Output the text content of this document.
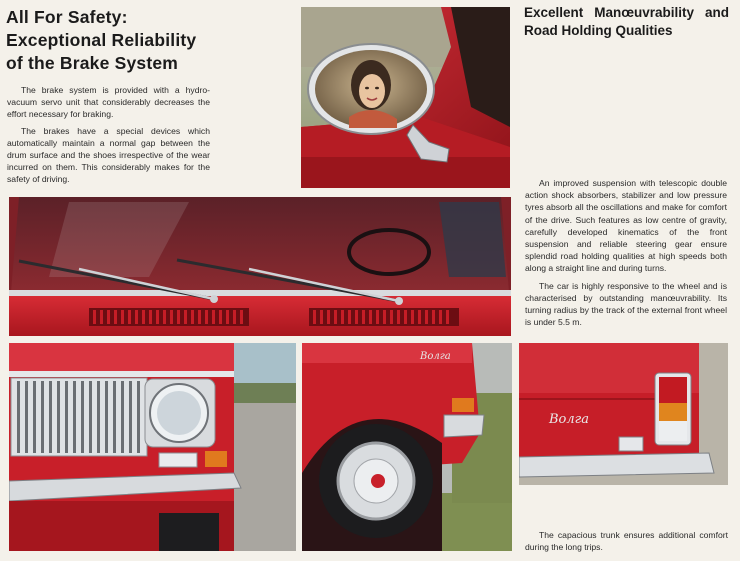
All For Safety:
Exceptional Reliability
of the Brake System

The brake system is provided with a hydro-vacuum servo unit that considerably decreases the effort necessary for braking.

The brakes have a special devices which automatically maintain a normal gap between the drum surface and the shoes irrespective of the wear incurred on them. This considerably makes for the safety of driving.

Excellent Manœuvrability and Road Holding Qualities

An improved suspension with telescopic double action shock absorbers, stabilizer and low pressure tyres absorb all the oscillations and make for comfort of the drive. Such features as low centre of gravity, carefully developed kinematics of the front suspension and reliable steering gear ensure splendid road holding qualities at high speeds both along a straight line and during turns.

The car is highly responsive to the wheel and is characterised by outstanding manœuvrability. Its turning radius by the track of the external front wheel is under 5.5 m.

The capacious trunk ensures additional comfort during the long trips.

Волга
Волга
